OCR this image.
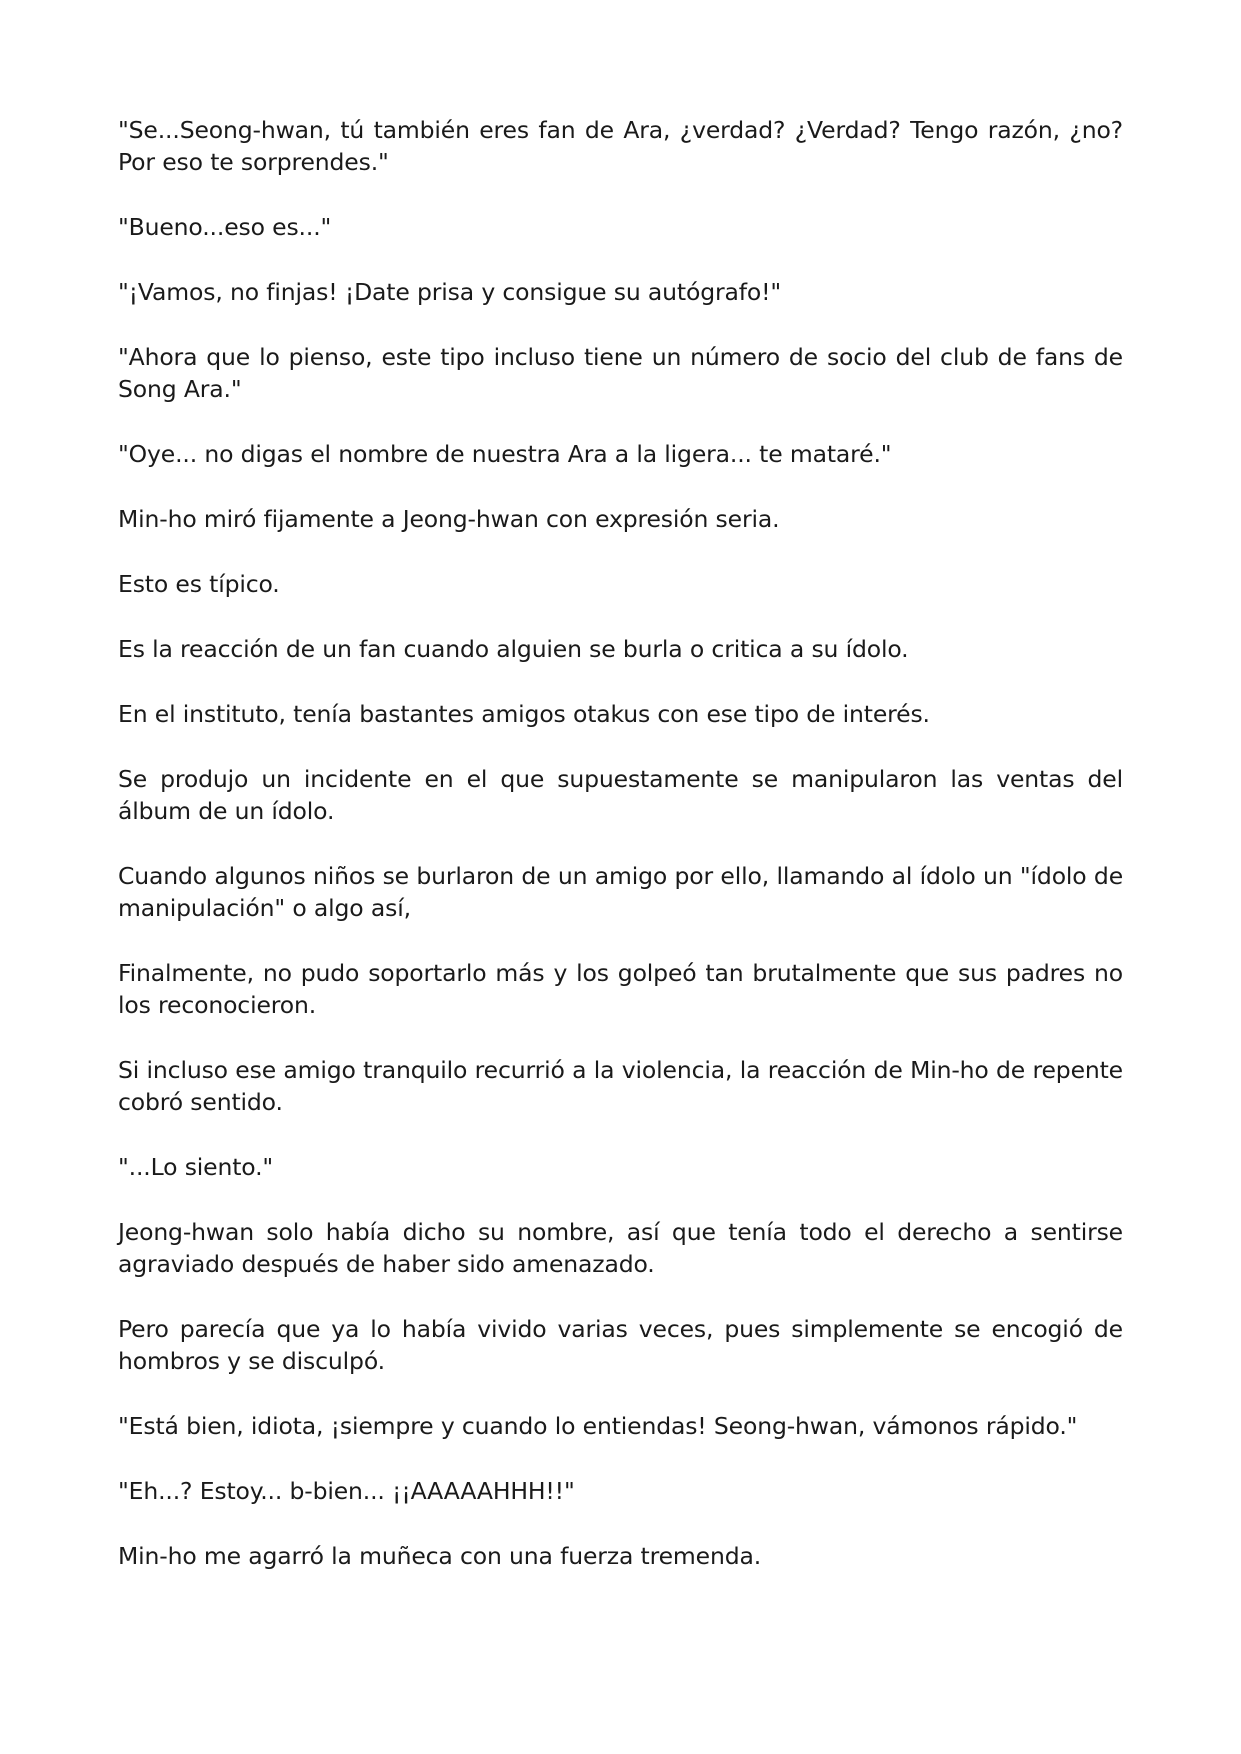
"Se...Seong-hwan, tú también eres fan de Ara, ¿verdad? ¿Verdad? Tengo razón, ¿no? Por eso te sorprendes."

"Bueno...eso es..."

"¡Vamos, no finjas! ¡Date prisa y consigue su autógrafo!"

"Ahora que lo pienso, este tipo incluso tiene un número de socio del club de fans de Song Ara."

"Oye... no digas el nombre de nuestra Ara a la ligera... te mataré."

Min-ho miró fijamente a Jeong-hwan con expresión seria.

Esto es típico.

Es la reacción de un fan cuando alguien se burla o critica a su ídolo.

En el instituto, tenía bastantes amigos otakus con ese tipo de interés.

Se produjo un incidente en el que supuestamente se manipularon las ventas del álbum de un ídolo.

Cuando algunos niños se burlaron de un amigo por ello, llamando al ídolo un "ídolo de manipulación" o algo así,

Finalmente, no pudo soportarlo más y los golpeó tan brutalmente que sus padres no los reconocieron.

Si incluso ese amigo tranquilo recurrió a la violencia, la reacción de Min-ho de repente cobró sentido.

"...Lo siento."

Jeong-hwan solo había dicho su nombre, así que tenía todo el derecho a sentirse agraviado después de haber sido amenazado.

Pero parecía que ya lo había vivido varias veces, pues simplemente se encogió de hombros y se disculpó.

"Está bien, idiota, ¡siempre y cuando lo entiendas! Seong-hwan, vámonos rápido."

"Eh...? Estoy... b-bien... ¡¡AAAAAHHH!!"

Min-ho me agarró la muñeca con una fuerza tremenda.
